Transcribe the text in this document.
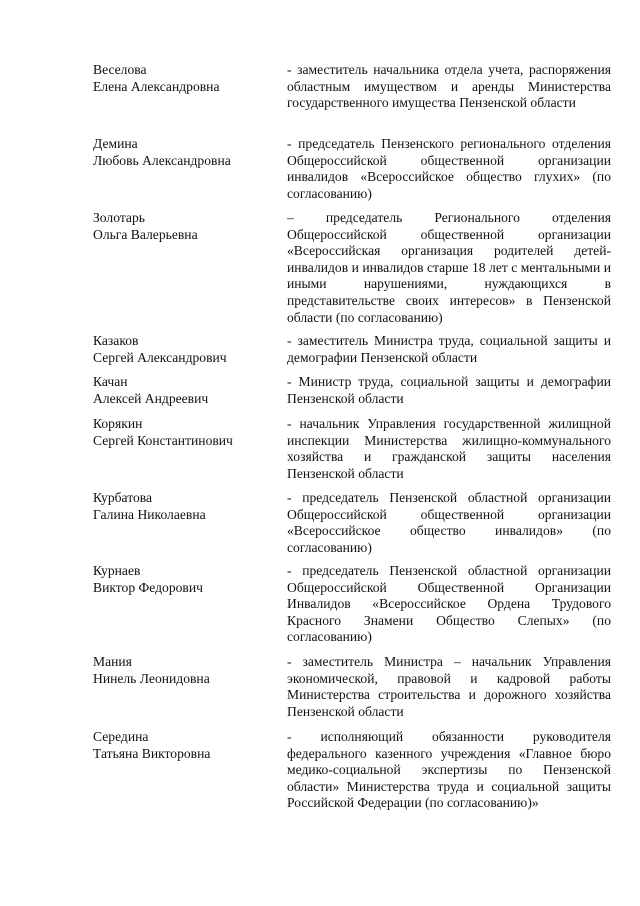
Веселова
Елена Александровна
- заместитель начальника отдела учета, распоряжения областным имуществом и аренды Министерства государственного имущества Пензенской области
Демина
Любовь Александровна
- председатель Пензенского регионального отделения Общероссийской общественной организации инвалидов «Всероссийское общество глухих» (по согласованию)
Золотарь
Ольга Валерьевна
– председатель Регионального отделения Общероссийской общественной организации «Всероссийская организация родителей детей-инвалидов и инвалидов старше 18 лет с ментальными и иными нарушениями, нуждающихся в представительстве своих интересов» в Пензенской области (по согласованию)
Казаков
Сергей Александрович
- заместитель Министра труда, социальной защиты и демографии Пензенской области
Качан
Алексей Андреевич
- Министр труда, социальной защиты и демографии Пензенской области
Корякин
Сергей Константинович
- начальник Управления государственной жилищной инспекции Министерства жилищно-коммунального хозяйства и гражданской защиты населения Пензенской области
Курбатова
Галина Николаевна
- председатель Пензенской областной организации Общероссийской общественной организации «Всероссийское общество инвалидов» (по согласованию)
Курнаев
Виктор Федорович
- председатель Пензенской областной организации Общероссийской Общественной Организации Инвалидов «Всероссийское Ордена Трудового Красного Знамени Общество Слепых» (по согласованию)
Мания
Нинель Леонидовна
- заместитель Министра – начальник Управления экономической, правовой и кадровой работы Министерства строительства и дорожного хозяйства Пензенской области
Середина
Татьяна Викторовна
- исполняющий обязанности руководителя федерального казенного учреждения «Главное бюро медико-социальной экспертизы по Пензенской области» Министерства труда и социальной защиты Российской Федерации (по согласованию)»
